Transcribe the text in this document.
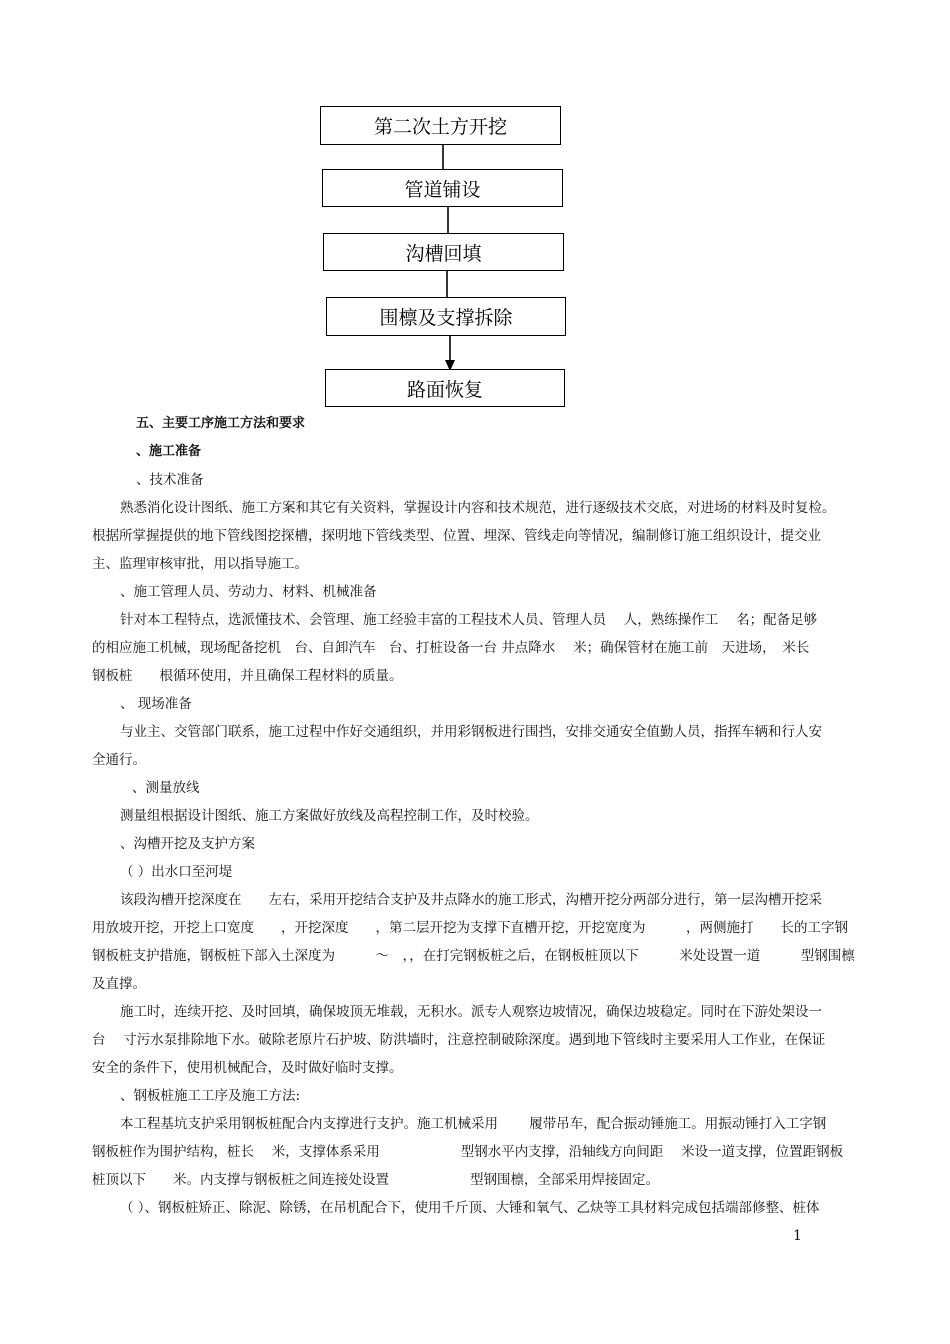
第二次土方开挖
管道铺设
沟槽回填
围檩及支撑拆除
路面恢复
五、主要工序施工方法和要求
、施工准备
、技术准备
熟悉消化设计图纸、施工方案和其它有关资料，掌握设计内容和技术规范，进行逐级技术交底，对进场的材料及时复检。
根据所掌握提供的地下管线图挖探槽，探明地下管线类型、位置、埋深、管线走向等情况，编制修订施工组织设计，提交业
主、监理审核审批，用以指导施工。
、施工管理人员、劳动力、材料、机械准备
针对本工程特点，选派懂技术、会管理、施工经验丰富的工程技术人员、管理人员　 人，熟练操作工　 名；配备足够
的相应施工机械，现场配备挖机　台、自卸汽车　台、打桩设备一台 井点降水　 米；确保管材在施工前　天进场，　米长
钢板桩　　根循环使用，并且确保工程材料的质量。
、 现场准备
与业主、交管部门联系，施工过程中作好交通组织，并用彩钢板进行围挡，安排交通安全值勤人员，指挥车辆和行人安
全通行。
、测量放线
测量组根据设计图纸、施工方案做好放线及高程控制工作，及时校验。
、沟槽开挖及支护方案
（ ）出水口至河堤
该段沟槽开挖深度在　　左右，采用开挖结合支护及井点降水的施工形式，沟槽开挖分两部分进行，第一层沟槽开挖采
用放坡开挖，开挖上口宽度　　，开挖深度　　，第二层开挖为支撑下直槽开挖，开挖宽度为　　　，两侧施打　　长的工字钢
钢板桩支护措施，钢板桩下部入土深度为　　　～　，，在打完钢板桩之后，在钢板桩顶以下　　　米处设置一道　　　型钢围檩
及直撑。
施工时，连续开挖、及时回填，确保坡顶无堆载，无积水。派专人观察边坡情况，确保边坡稳定。同时在下游处架设一
台　 寸污水泵排除地下水。破除老原片石护坡、防洪墙时，注意控制破除深度。遇到地下管线时主要采用人工作业，在保证
安全的条件下，使用机械配合，及时做好临时支撑。
、钢板桩施工工序及施工方法:
本工程基坑支护采用钢板桩配合内支撑进行支护。施工机械采用　　 履带吊车，配合振动锤施工。用振动锤打入工字钢
钢板桩作为围护结构，桩长　 米，支撑体系采用　　　　　　型钢水平内支撑，沿轴线方向间距　 米设一道支撑，位置距钢板
桩顶以下　　米。内支撑与钢板桩之间连接处设置　　　　　　型钢围檩，全部采用焊接固定。
（ ）、钢板桩矫正、除泥、除锈，在吊机配合下，使用千斤顶、大锤和氧气、乙炔等工具材料完成包括端部修整、桩体
1
